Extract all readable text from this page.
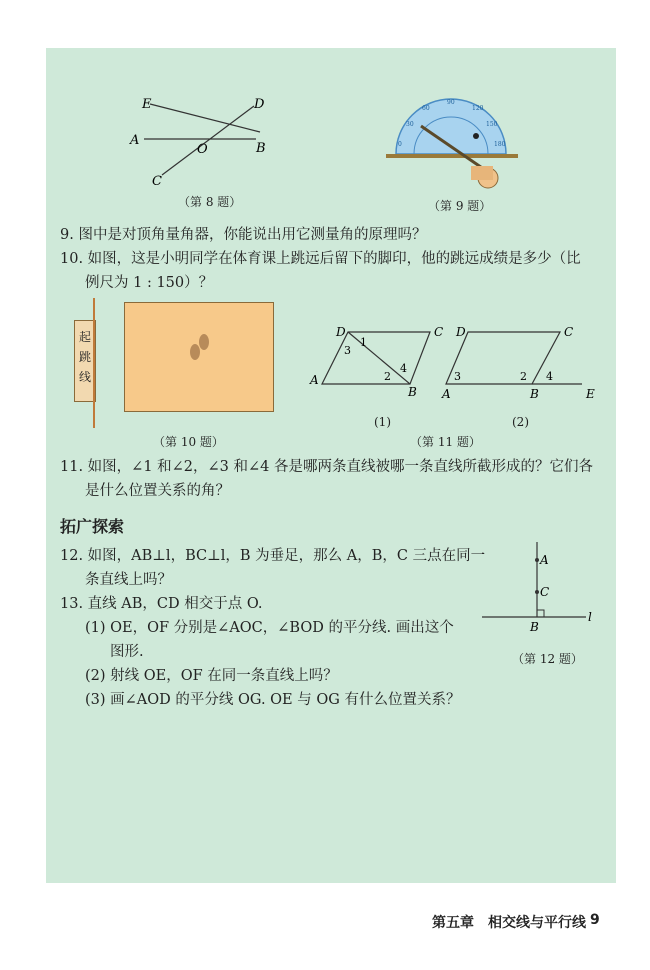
E	D
A
O	B
C
（第 8 题）
0
30
60
90
120
150
180
（第 9 题）
9. 图中是对顶角量角器，你能说出用它测量角的原理吗？
10. 如图，这是小明同学在体育课上跳远后留下的脚印，他的跳远成绩是多少（比
例尺为 1 : 150）？
起
跳
线
（第 10 题）
D	C
A
B
1
3
2
4
(1)
D	C
A	B	E
3	2 4
(2)
（第 11 题）
11. 如图，∠1 和∠2，∠3 和∠4 各是哪两条直线被哪一条直线所截形成的？它们各
是什么位置关系的角？
拓广探索
12. 如图，AB⊥l，BC⊥l，B 为垂足，那么 A，B，C 三点在同一
条直线上吗？
13. 直线 AB，CD 相交于点 O.
(1) OE，OF 分别是∠AOC，∠BOD 的平分线. 画出这个
图形.
(2) 射线 OE，OF 在同一条直线上吗？
(3) 画∠AOD 的平分线 OG. OE 与 OG 有什么位置关系？
A
C
B
l
（第 12 题）
第五章　相交线与平行线 9
